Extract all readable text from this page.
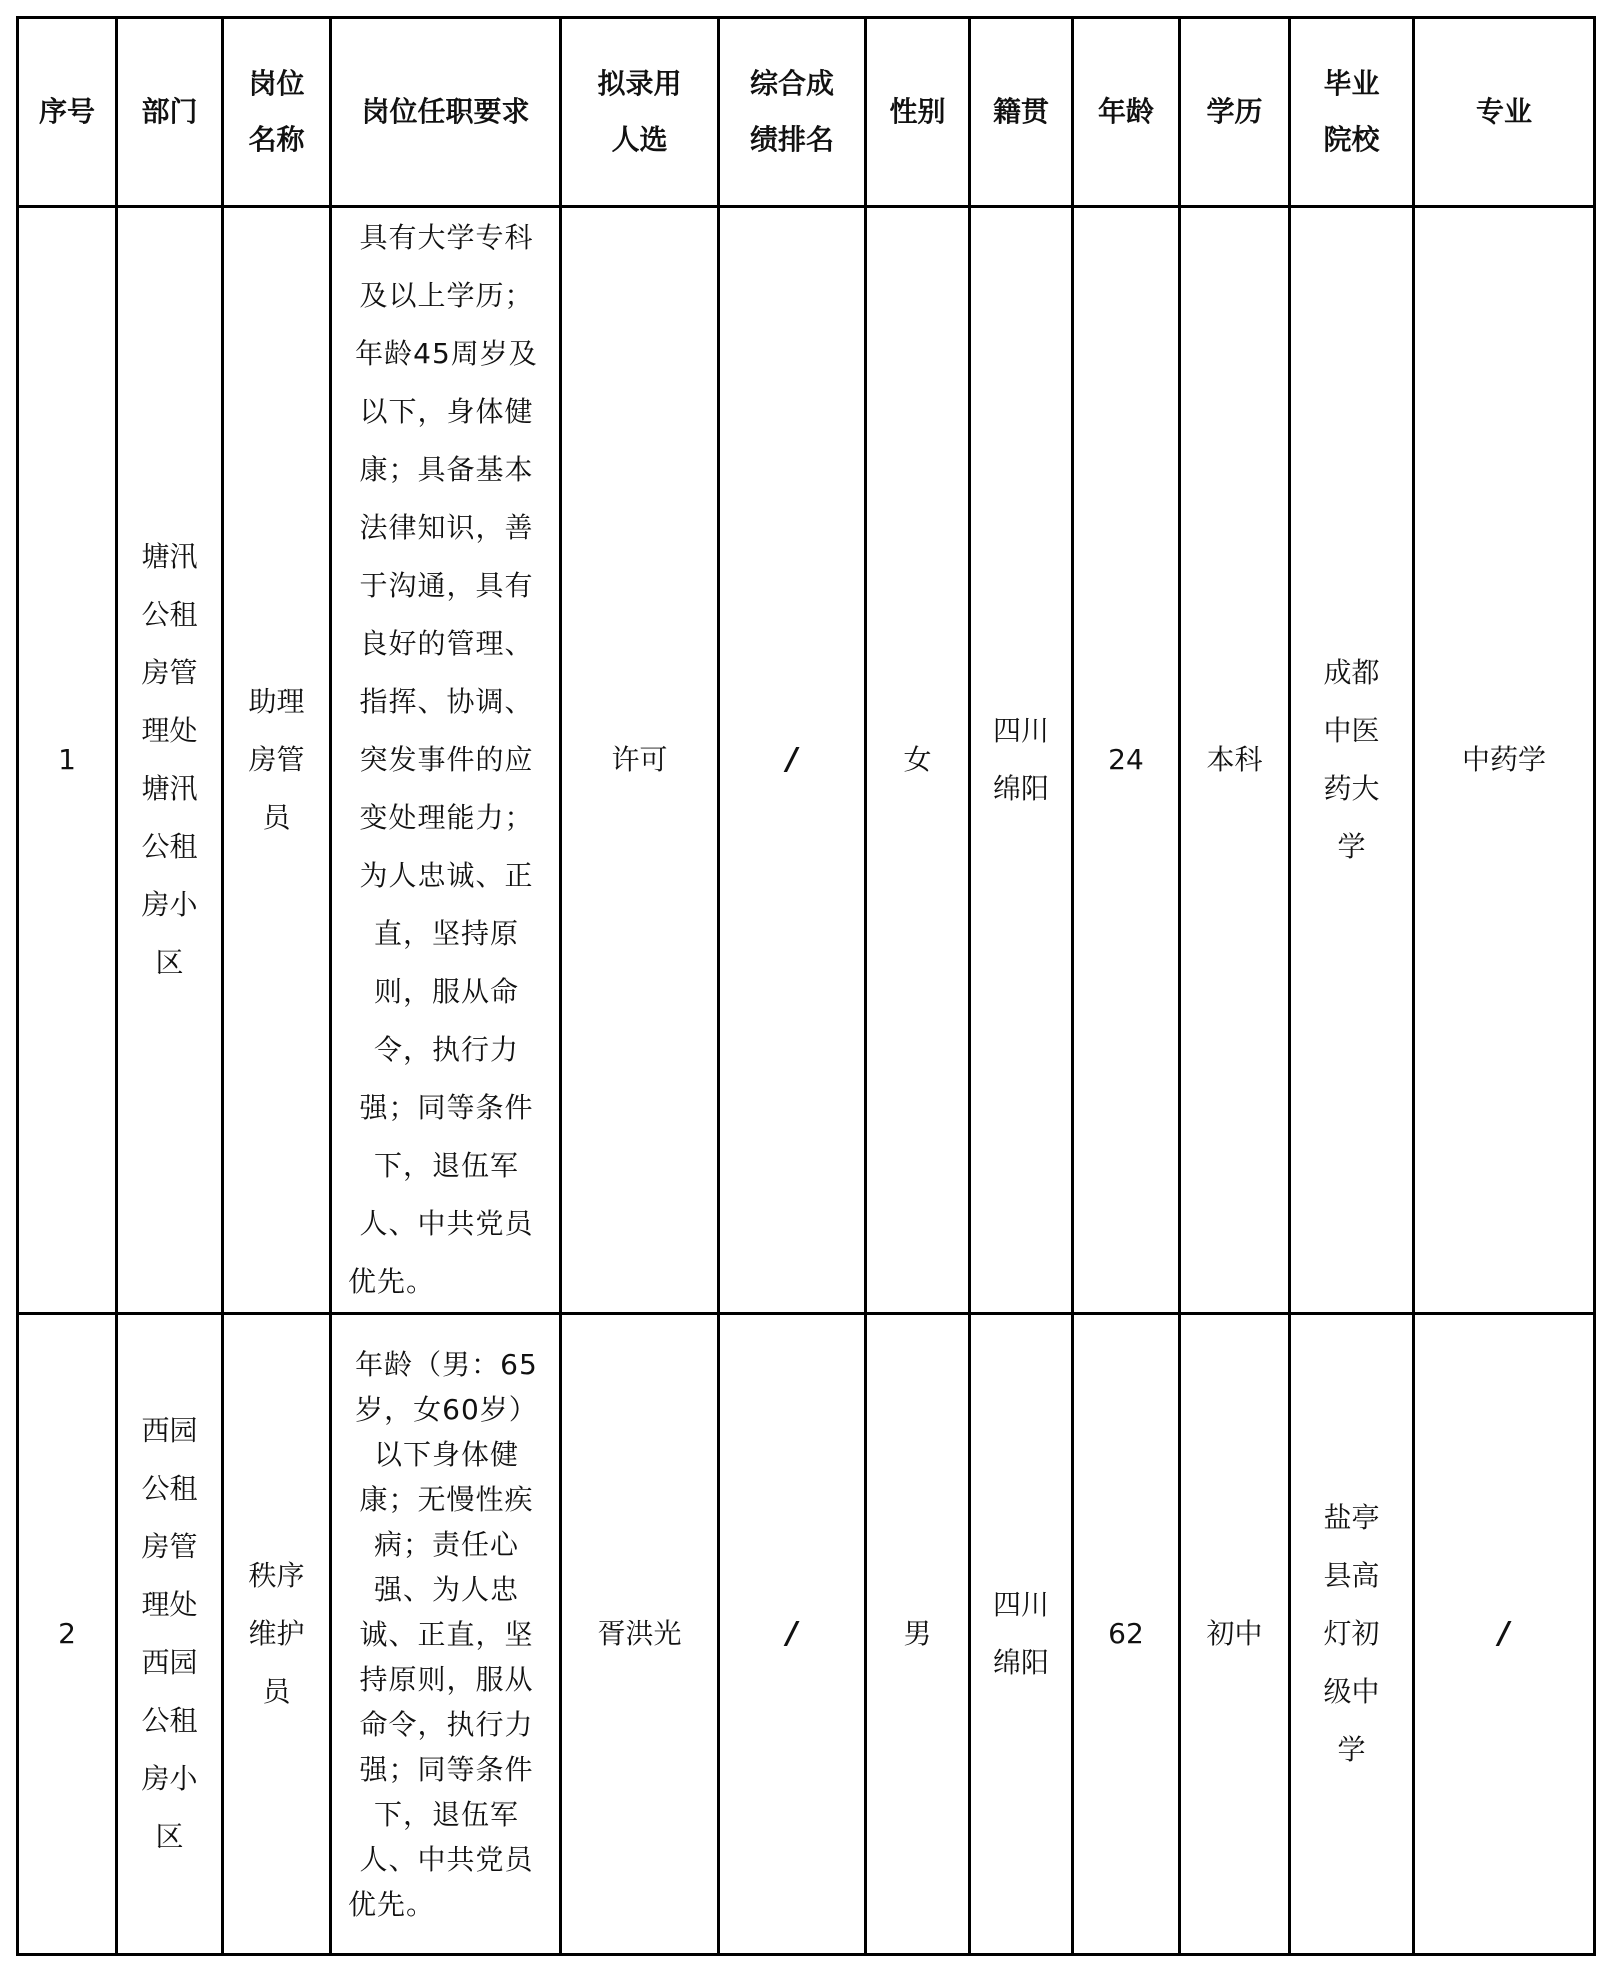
序号	部门	岗位名称	岗位任职要求	拟录用人选	综合成绩排名	性别	籍贯	年龄	学历	毕业院校	专业
1	塘汛公租房管理处塘汛公租房小区	助理房管员	具有大学专科及以上学历；年龄45周岁及以下，身体健康；具备基本法律知识，善于沟通，具有良好的管理、指挥、协调、突发事件的应变处理能力；为人忠诚、正直，坚持原则，服从命令，执行力强；同等条件下，退伍军人、中共党员优先。	许可	/	女	四川绵阳	24	本科	成都中医药大学	中药学
2	西园公租房管理处西园公租房小区	秩序维护员	年龄（男：65岁，女60岁）以下身体健康；无慢性疾病；责任心强、为人忠诚、正直，坚持原则，服从命令，执行力强；同等条件下，退伍军人、中共党员优先。	胥洪光	/	男	四川绵阳	62	初中	盐亭县高灯初级中学	/
